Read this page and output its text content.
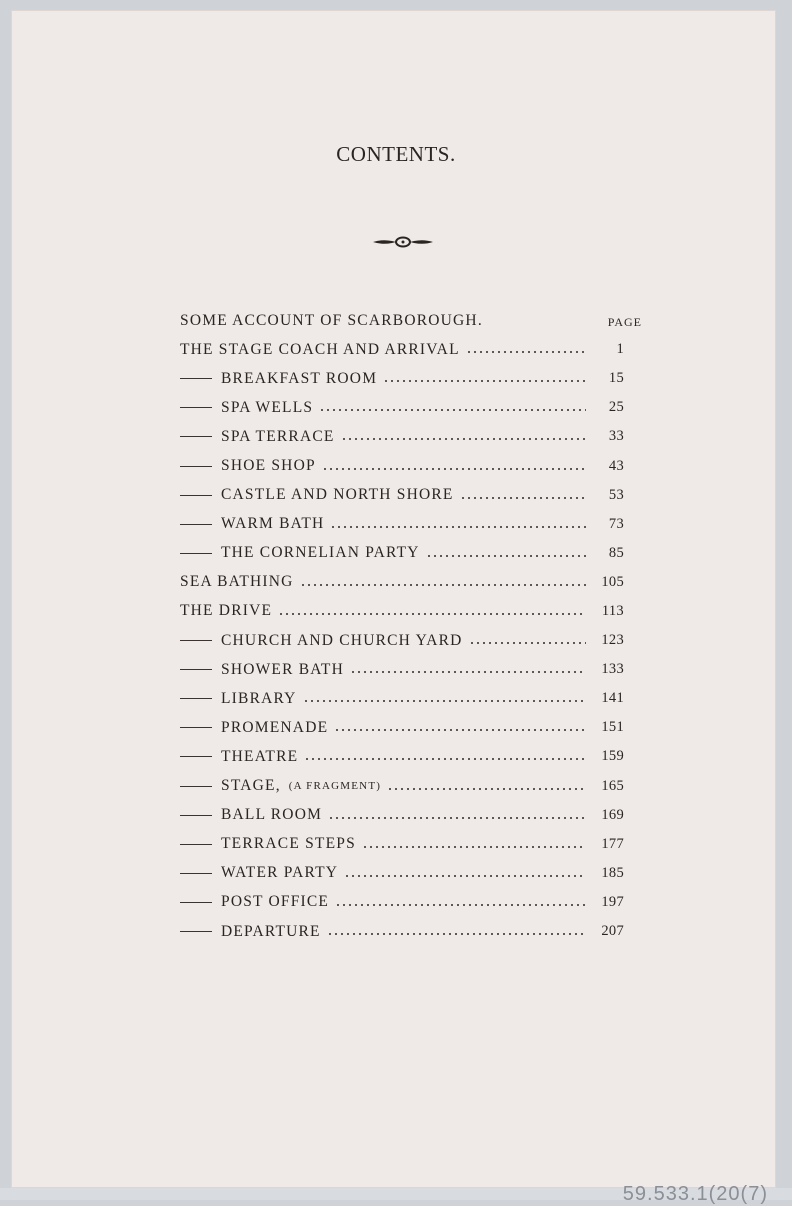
59.533.1(20(7)
CONTENTS.
SOME ACCOUNT OF SCARBOROUGH.	PAGE
THE STAGE COACH AND ARRIVAL	1
BREAKFAST ROOM	15
SPA WELLS	25
SPA TERRACE	33
SHOE SHOP	43
CASTLE AND NORTH SHORE	53
WARM BATH	73
THE CORNELIAN PARTY	85
SEA BATHING	105
THE DRIVE	113
CHURCH AND CHURCH YARD	123
SHOWER BATH	133
LIBRARY	141
PROMENADE	151
THEATRE	159
STAGE, (A FRAGMENT)	165
BALL ROOM	169
TERRACE STEPS	177
WATER PARTY	185
POST OFFICE	197
DEPARTURE	207
